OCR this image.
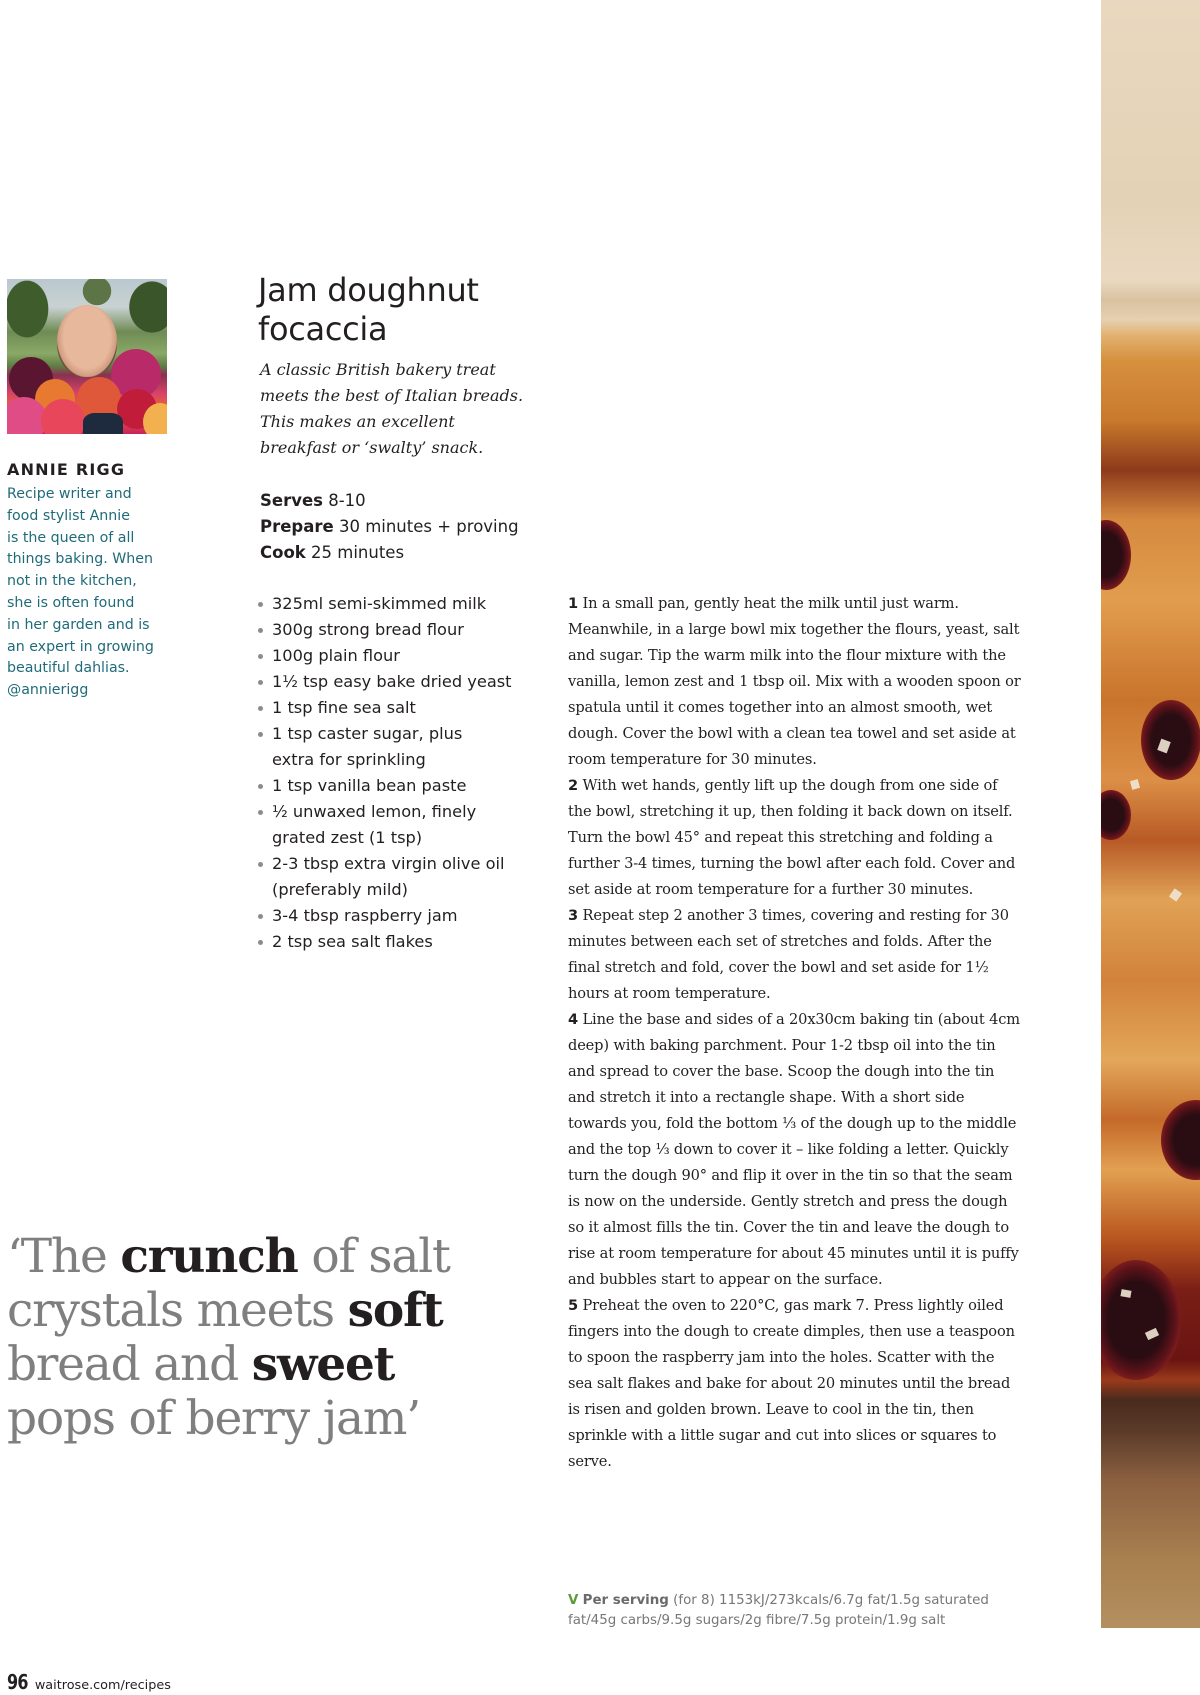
ANNIE RIGG
Recipe writer and
food stylist Annie
is the queen of all
things baking. When
not in the kitchen,
she is often found
in her garden and is
an expert in growing
beautiful dahlias.
@annierigg
Jam doughnut
focaccia
A classic British bakery treat
meets the best of Italian breads.
This makes an excellent
breakfast or ‘swalty’ snack.
Serves 8-10
Prepare 30 minutes + proving
Cook 25 minutes
325ml semi-skimmed milk
300g strong bread flour
100g plain flour
1½ tsp easy bake dried yeast
1 tsp fine sea salt
1 tsp caster sugar, plus extra for sprinkling
1 tsp vanilla bean paste
½ unwaxed lemon, finely grated zest (1 tsp)
2-3 tbsp extra virgin olive oil (preferably mild)
3-4 tbsp raspberry jam
2 tsp sea salt flakes

1 In a small pan, gently heat the milk until just warm. Meanwhile, in a large bowl mix together the flours, yeast, salt and sugar. Tip the warm milk into the flour mixture with the vanilla, lemon zest and 1 tbsp oil. Mix with a wooden spoon or spatula until it comes together into an almost smooth, wet dough. Cover the bowl with a clean tea towel and set aside at room temperature for 30 minutes.

2 With wet hands, gently lift up the dough from one side of the bowl, stretching it up, then folding it back down on itself. Turn the bowl 45° and repeat this stretching and folding a further 3-4 times, turning the bowl after each fold. Cover and set aside at room temperature for a further 30 minutes.

3 Repeat step 2 another 3 times, covering and resting for 30 minutes between each set of stretches and folds. After the final stretch and fold, cover the bowl and set aside for 1½ hours at room temperature.

4 Line the base and sides of a 20x30cm baking tin (about 4cm deep) with baking parchment. Pour 1-2 tbsp oil into the tin and spread to cover the base. Scoop the dough into the tin and stretch it into a rectangle shape. With a short side towards you, fold the bottom ⅓ of the dough up to the middle and the top ⅓ down to cover it – like folding a letter. Quickly turn the dough 90° and flip it over in the tin so that the seam is now on the underside. Gently stretch and press the dough so it almost fills the tin. Cover the tin and leave the dough to rise at room temperature for about 45 minutes until it is puffy and bubbles start to appear on the surface.

5 Preheat the oven to 220°C, gas mark 7. Press lightly oiled fingers into the dough to create dimples, then use a teaspoon to spoon the raspberry jam into the holes. Scatter with the sea salt flakes and bake for about 20 minutes until the bread is risen and golden brown. Leave to cool in the tin, then sprinkle with a little sugar and cut into slices or squares to serve.

V Per serving (for 8) 1153kJ/273kcals/6.7g fat/1.5g saturated fat/45g carbs/9.5g sugars/2g fibre/7.5g protein/1.9g salt
‘The crunch of salt crystals meets soft bread and sweet pops of berry jam’
96 waitrose.com/recipes
